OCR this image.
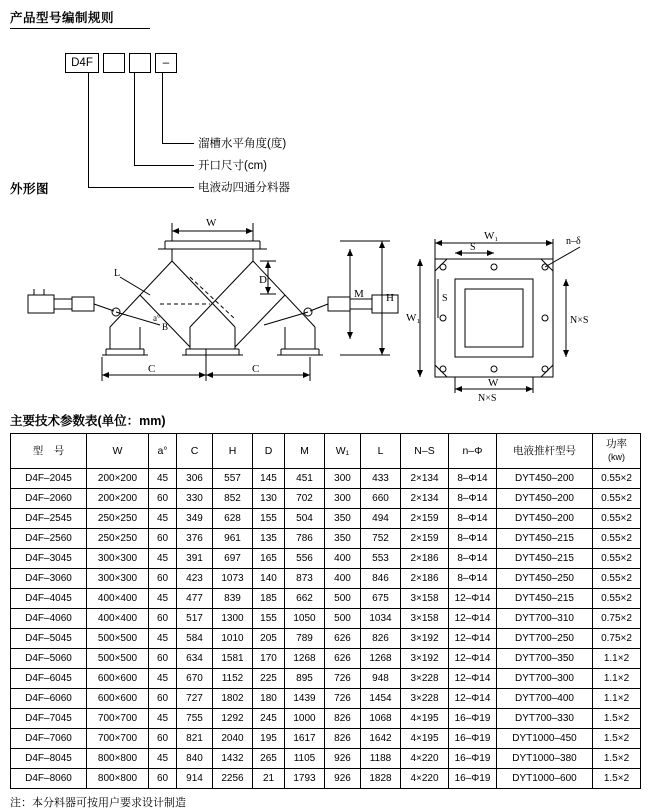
产品型号编制规则
D4F	–
溜槽水平角度(度)
开口尺寸(cm)
电液动四通分料器
外形图
W
D
M H
L
a°
B
C	C
W₁
S
n–δ
W₁
S
N×S
W
N×S
主要技术参数表(单位：mm)
型　号	W	a°	C	H	D	M	W₁	L	N–S	n–Φ	电液推杆型号	功率
(kw)

D4F–2045	200×200	45	306	557	145	451	300	433	2×134	8–Φ14	DYT450–200	0.55×2
D4F–2060	200×200	60	330	852	130	702	300	660	2×134	8–Φ14	DYT450–200	0.55×2
D4F–2545	250×250	45	349	628	155	504	350	494	2×159	8–Φ14	DYT450–200	0.55×2
D4F–2560	250×250	60	376	961	135	786	350	752	2×159	8–Φ14	DYT450–215	0.55×2
D4F–3045	300×300	45	391	697	165	556	400	553	2×186	8–Φ14	DYT450–215	0.55×2
D4F–3060	300×300	60	423	1073	140	873	400	846	2×186	8–Φ14	DYT450–250	0.55×2
D4F–4045	400×400	45	477	839	185	662	500	675	3×158	12–Φ14	DYT450–215	0.55×2
D4F–4060	400×400	60	517	1300	155	1050	500	1034	3×158	12–Φ14	DYT700–310	0.75×2
D4F–5045	500×500	45	584	1010	205	789	626	826	3×192	12–Φ14	DYT700–250	0.75×2
D4F–5060	500×500	60	634	1581	170	1268	626	1268	3×192	12–Φ14	DYT700–350	1.1×2
D4F–6045	600×600	45	670	1152	225	895	726	948	3×228	12–Φ14	DYT700–300	1.1×2
D4F–6060	600×600	60	727	1802	180	1439	726	1454	3×228	12–Φ14	DYT700–400	1.1×2
D4F–7045	700×700	45	755	1292	245	1000	826	1068	4×195	16–Φ19	DYT700–330	1.5×2
D4F–7060	700×700	60	821	2040	195	1617	826	1642	4×195	16–Φ19	DYT1000–450	1.5×2
D4F–8045	800×800	45	840	1432	265	1105	926	1188	4×220	16–Φ19	DYT1000–380	1.5×2
D4F–8060	800×800	60	914	2256	21	1793	926	1828	4×220	16–Φ19	DYT1000–600	1.5×2
注：本分料器可按用户要求设计制造
